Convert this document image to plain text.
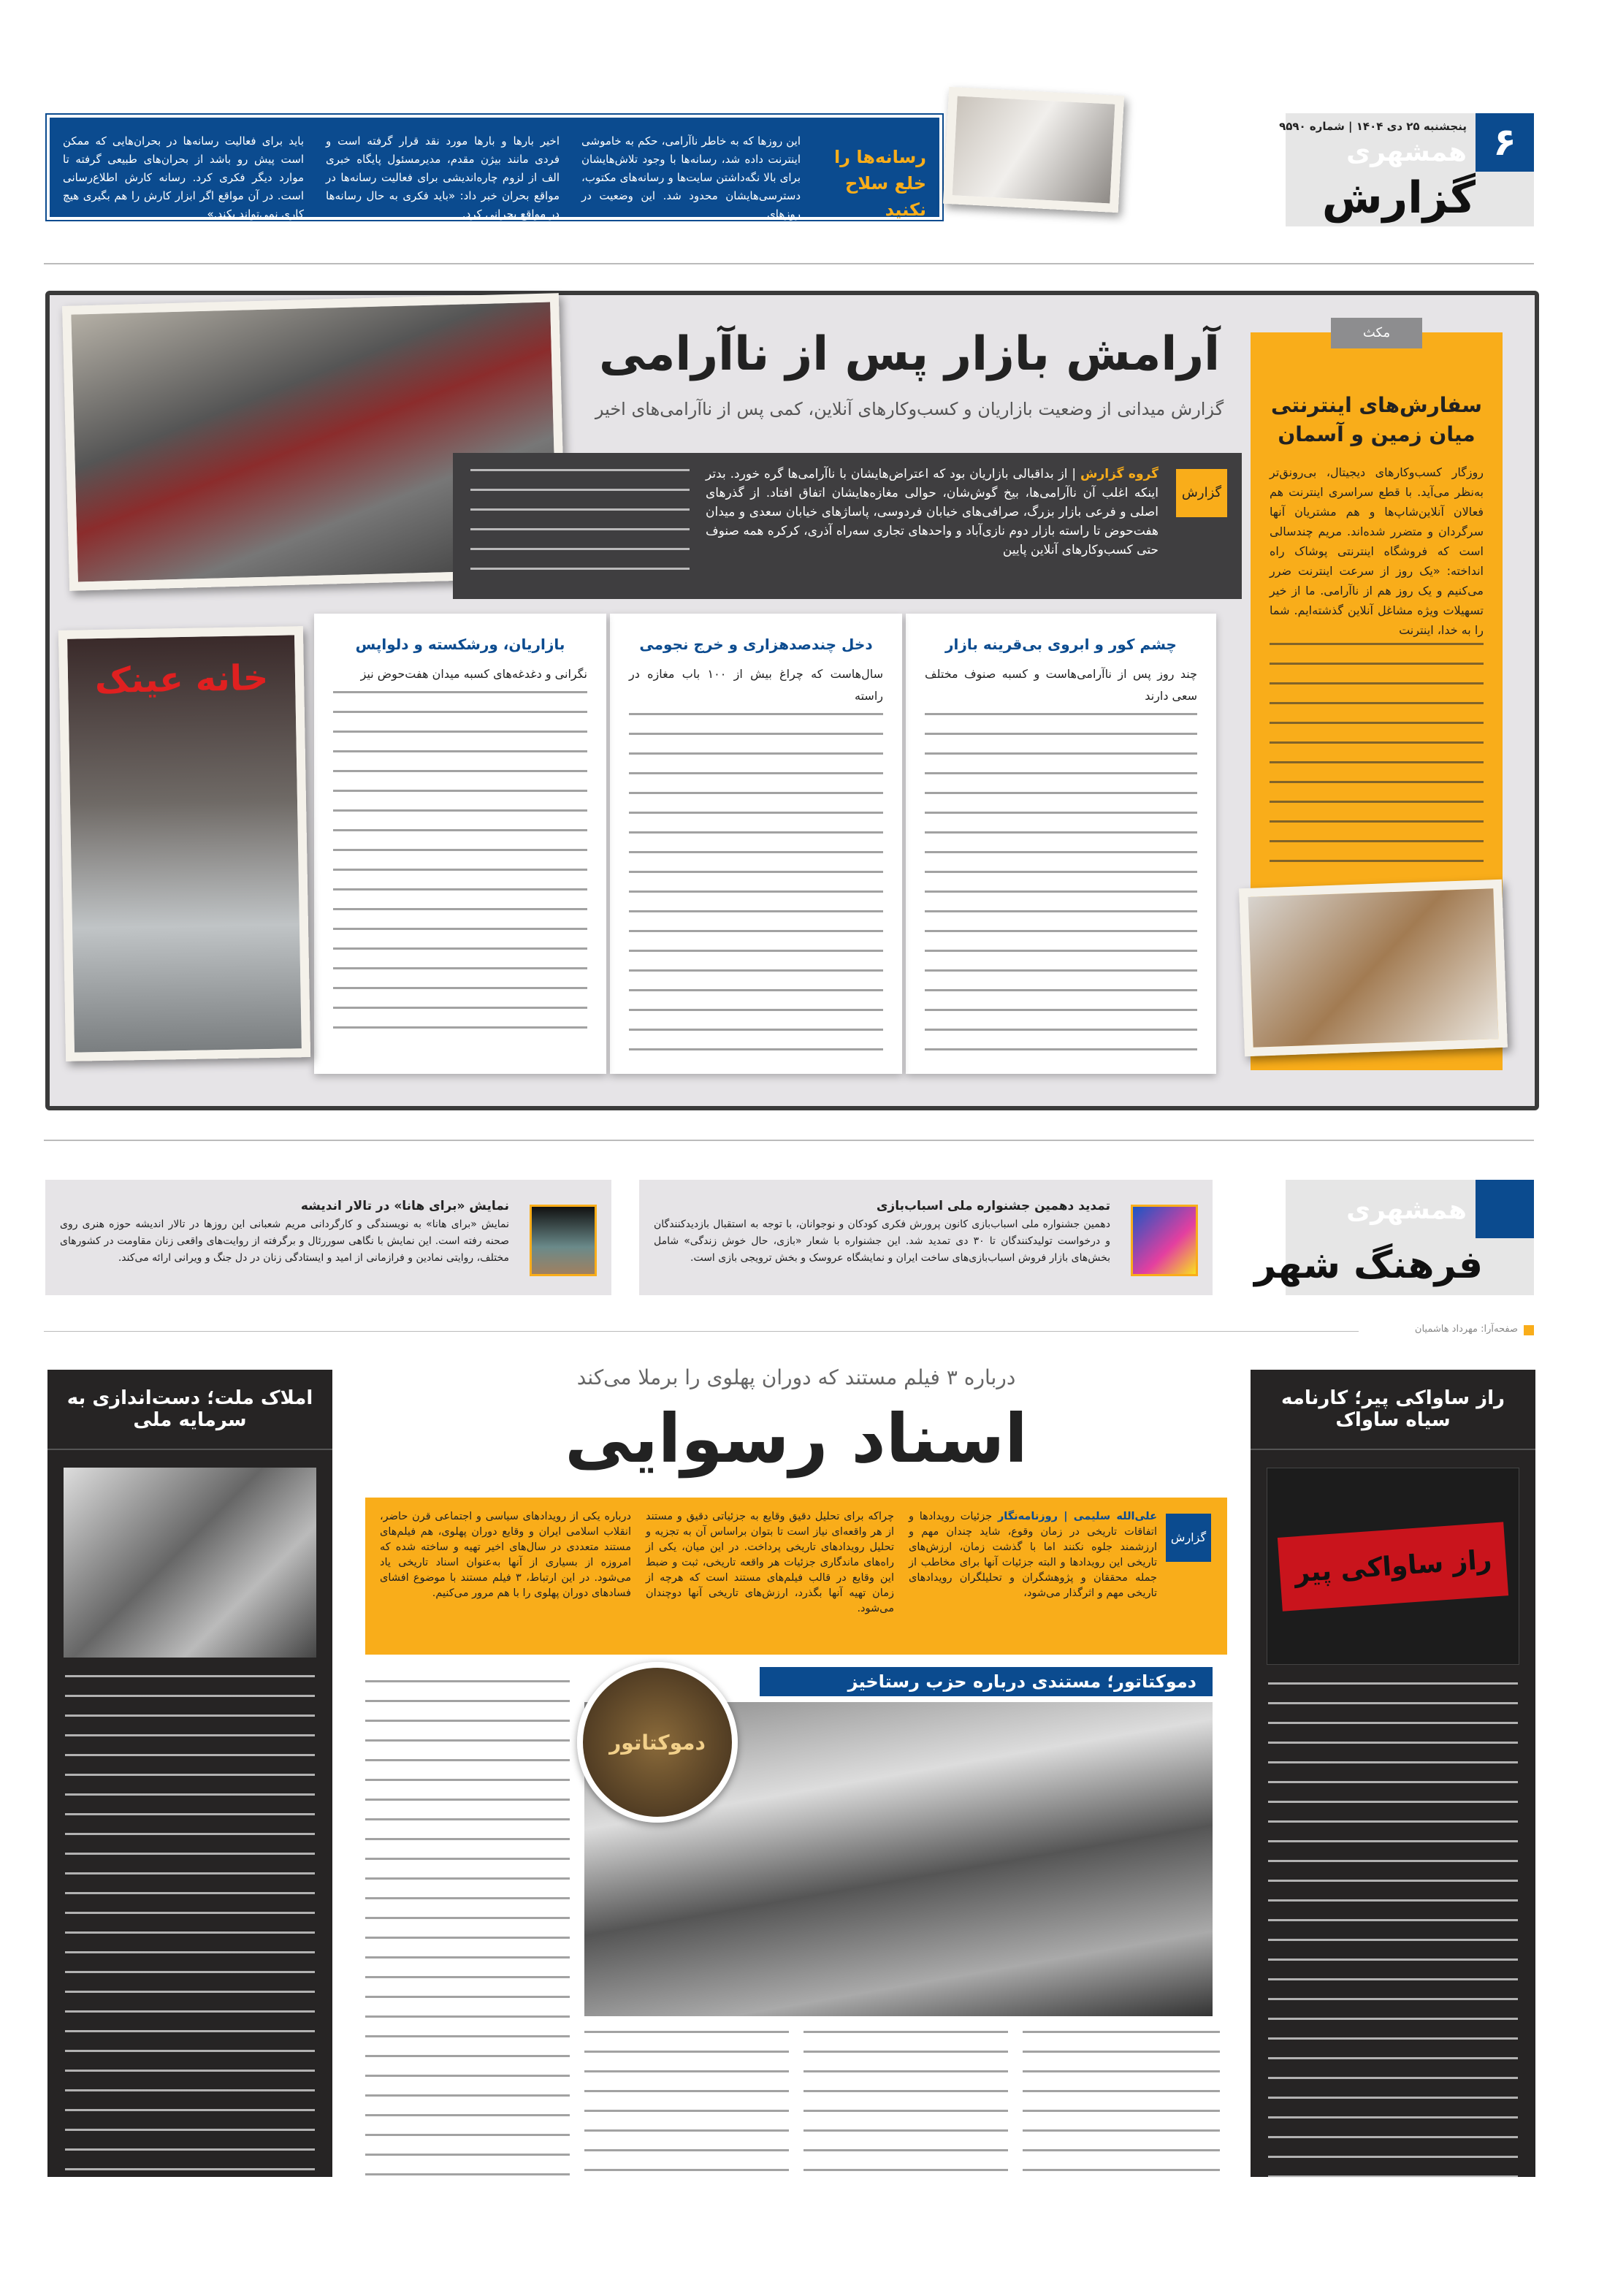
۶
پنجشنبه ۲۵ دی ۱۴۰۴ | شماره ۹۵۹۰
همشهری
گزارش
رسانه‌ها را خلع سلاح نکنید
این روزها که به خاطر ناآرامی، حکم به خاموشی اینترنت داده شد، رسانه‌ها با وجود تلاش‌هایشان برای بالا نگه‌داشتن سایت‌ها و رسانه‌های مکتوب، دسترسی‌هایشان محدود شد. این وضعیت در روزهای
اخیر بارها و بارها مورد نقد قرار گرفته است و فردی مانند بیژن مقدم، مدیرمسئول پایگاه خبری الف از لزوم چاره‌اندیشی برای فعالیت رسانه‌ها در مواقع بحران خبر داد: «باید فکری به حال رسانه‌ها در مواقع بحرانی کرد.
باید برای فعالیت رسانه‌ها در بحران‌هایی که ممکن است پیش رو باشد از بحران‌های طبیعی گرفته تا موارد دیگر فکری کرد. رسانه کارش اطلاع‌رسانی است. در آن مواقع اگر ابزار کارش را هم بگیری هیچ کاری نمی‌تواند بکند.»
آرامش بازار پس از ناآرامی
گزارش میدانی از وضعیت بازاریان و کسب‌وکارهای آنلاین، کمی پس از ناآرامی‌های اخیر
گزارش
گروه گزارش | از بداقبالی بازاریان بود که اعتراض‌هایشان با ناآرامی‌ها گره خورد. بدتر اینکه اغلب آن ناآرامی‌ها، بیخ گوش‌شان، حوالی مغازه‌هایشان اتفاق افتاد. از گذرهای اصلی و فرعی بازار بزرگ، صرافی‌های خیابان فردوسی، پاساژهای خیابان سعدی و میدان هفت‌حوض تا راسته بازار دوم نازی‌آباد و واحدهای تجاری سه‌راه آذری، کرکره همه صنوف حتی کسب‌وکارهای آنلاین پایین
چشم کور و ابروی بی‌قرینه بازار
چند روز پس از ناآرامی‌هاست و کسبه صنوف مختلف سعی دارند
دخل چندصدهزاری و خرج نجومی
سال‌هاست که چراغ بیش از ۱۰۰ باب مغازه در راسته
بازاریان، ورشکسته و دلواپس
نگرانی و دغدغه‌های کسبه میدان هفت‌حوض نیز
خانه عینک
مکث
سفارش‌های اینترنتی میان زمین و آسمان
روزگار کسب‌وکارهای دیجیتال، بی‌رونق‌تر به‌نظر می‌آید. با قطع سراسری اینترنت هم فعالان آنلاین‌شاپ‌ها و هم مشتریان آنها سرگردان و متضرر شده‌اند. مریم چندسالی است که فروشگاه اینترنتی پوشاک راه انداخته: «یک روز از سرعت اینترنت ضرر می‌کنیم و یک روز هم از ناآرامی. ما از خیر تسهیلات ویژه مشاغل آنلاین گذشته‌ایم. شما را به خدا، اینترنت
همشهری
فرهنگ شهر
تمدید دهمین جشنواره ملی اسباب‌بازی
دهمین جشنواره ملی اسباب‌بازی کانون پرورش فکری کودکان و نوجوانان، با توجه به استقبال بازدیدکنندگان و درخواست تولیدکنندگان تا ۳۰ دی تمدید شد. این جشنواره با شعار «بازی، حال خوش زندگی» شامل بخش‌های بازار فروش اسباب‌بازی‌های ساخت ایران و نمایشگاه عروسک و بخش ترویجی بازی است.
نمایش «برای هانا» در تالار اندیشه
نمایش «برای هانا» به نویسندگی و کارگردانی مریم شعبانی این روزها در تالار اندیشه حوزه هنری روی صحنه رفته است. این نمایش با نگاهی سوررئال و برگرفته از روایت‌های واقعی زنان مقاومت در کشورهای مختلف، روایتی نمادین و فرازمانی از امید و ایستادگی زنان در دل جنگ و ویرانی ارائه می‌کند.
صفحه‌آرا: مهرداد هاشمیان
املاک ملت؛ دست‌اندازی به سرمایه ملی
راز ساواکی پیر؛ کارنامه سیاه ساواک
راز ساواکی پیر
درباره ۳ فیلم مستند که دوران پهلوی را برملا می‌کند
اسناد رسوایی
گزارش
علی‌الله سلیمی | روزنامه‌نگار جزئیات رویدادها و اتفاقات تاریخی در زمان وقوع، شاید چندان مهم و ارزشمند جلوه نکنند اما با گذشت زمان، ارزش‌های تاریخی این رویدادها و البته جزئیات آنها برای مخاطب از جمله محققان و پژوهشگران و تحلیلگران رویدادهای تاریخی مهم و اثرگذار می‌شود،
چراکه برای تحلیل دقیق وقایع به جزئیاتی دقیق و مستند از هر واقعه‌ای نیاز است تا بتوان براساس آن به تجزیه و تحلیل رویدادهای تاریخی پرداخت. در این میان، یکی از راه‌های ماندگاری جزئیات هر واقعه تاریخی، ثبت و ضبط این وقایع در قالب فیلم‌های مستند است که هرچه از زمان تهیه آنها بگذرد، ارزش‌های تاریخی آنها دوچندان می‌شود.
درباره یکی از رویدادهای سیاسی و اجتماعی قرن حاضر، انقلاب اسلامی ایران و وقایع دوران پهلوی، هم فیلم‌های مستند متعددی در سال‌های اخیر تهیه و ساخته شده که امروزه از بسیاری از آنها به‌عنوان اسناد تاریخی یاد می‌شود. در این ارتباط، ۳ فیلم مستند با موضوع افشای فسادهای دوران پهلوی را با هم مرور می‌کنیم.
دموکتاتور؛ مستندی درباره حزب رستاخیز
دموکتاتور
